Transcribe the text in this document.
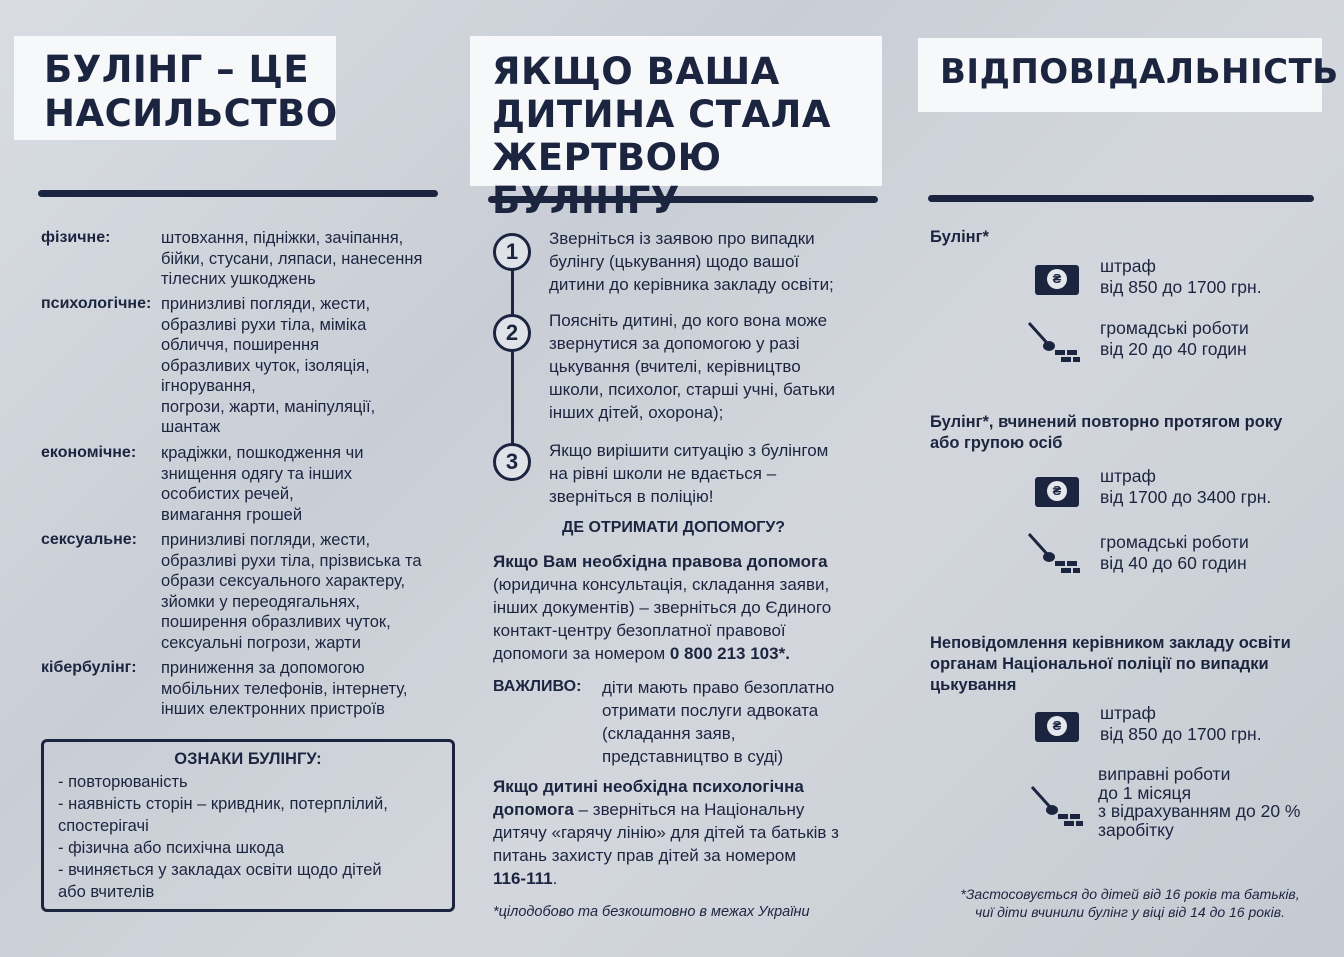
БУЛІНГ – ЦЕ
НАСИЛЬСТВО
фізичне:	штовхання, підніжки, зачіпання,
бійки, стусани, ляпаси, нанесення
тілесних ушкоджень
психологічне: принизливі погляди, жести,
образливі рухи тіла, міміка
обличчя, поширення
образливих чуток, ізоляція,
ігнорування,
погрози, жарти, маніпуляції,
шантаж
економічне: крадіжки, пошкодження чи
знищення одягу та інших
особистих речей,
вимагання грошей
сексуальне: принизливі погляди, жести,
образливі рухи тіла, прізвиська та
образи сексуального характеру,
зйомки у переодягальнях,
поширення образливих чуток,
сексуальні погрози, жарти
кібербулінг: приниження за допомогою
мобільних телефонів, інтернету,
інших електронних пристроїв
ОЗНАКИ БУЛІНГУ:
- повторюваність
- наявність сторін – кривдник, потерплілий,
спостерігачі
- фізична або психічна шкода
- вчиняється у закладах освіти щодо дітей
або вчителів
ЯКЩО ВАША
ДИТИНА СТАЛА
ЖЕРТВОЮ
1
2
3
Зверніться із заявою про випадки
булінгу (цькування) щодо вашої
дитини до керівника закладу освіти;
Поясніть дитині, до кого вона може
звернутися за допомогою у разі
цькування (вчителі, керівництво
школи, психолог, старші учні, батьки
інших дітей, охорона);
Якщо вирішити ситуацію з булінгом
на рівні школи не вдається –
зверніться в поліцію!
ДЕ ОТРИМАТИ ДОПОМОГУ?
Якщо Вам необхідна правова допомога
(юридична консультація, складання заяви,
інших документів) – зверніться до Єдиного
контакт-центру безоплатної правової
допомоги за номером 0 800 213 103*.
ВАЖЛИВО: діти мають право безоплатно
отримати послуги адвоката
(складання заяв,
представництво в суді)
Якщо дитині необхідна психологічна
допомога – зверніться на Національну
дитячу «гарячу лінію» для дітей та батьків з
питань захисту прав дітей за номером
116-111.
*цілодобово та безкоштовно в межах України
ВІДПОВІДАЛЬНІСТЬ
Булінг*
₴
штраф
від 850 до 1700 грн.
громадські роботи
від 20 до 40 годин
Булінг*, вчинений повторно протягом року
або групою осіб
₴
штраф
від 1700 до 3400 грн.
громадські роботи
від 40 до 60 годин
Неповідомлення керівником закладу освіти
органам Національної поліції по випадки
цькування
₴
штраф
від 850 до 1700 грн.
виправні роботи
до 1 місяця
з відрахуванням до 20 %
заробітку
*Застосовується до дітей від 16 років та батьків,
чиї діти вчинили булінг у віці від 14 до 16 років.
